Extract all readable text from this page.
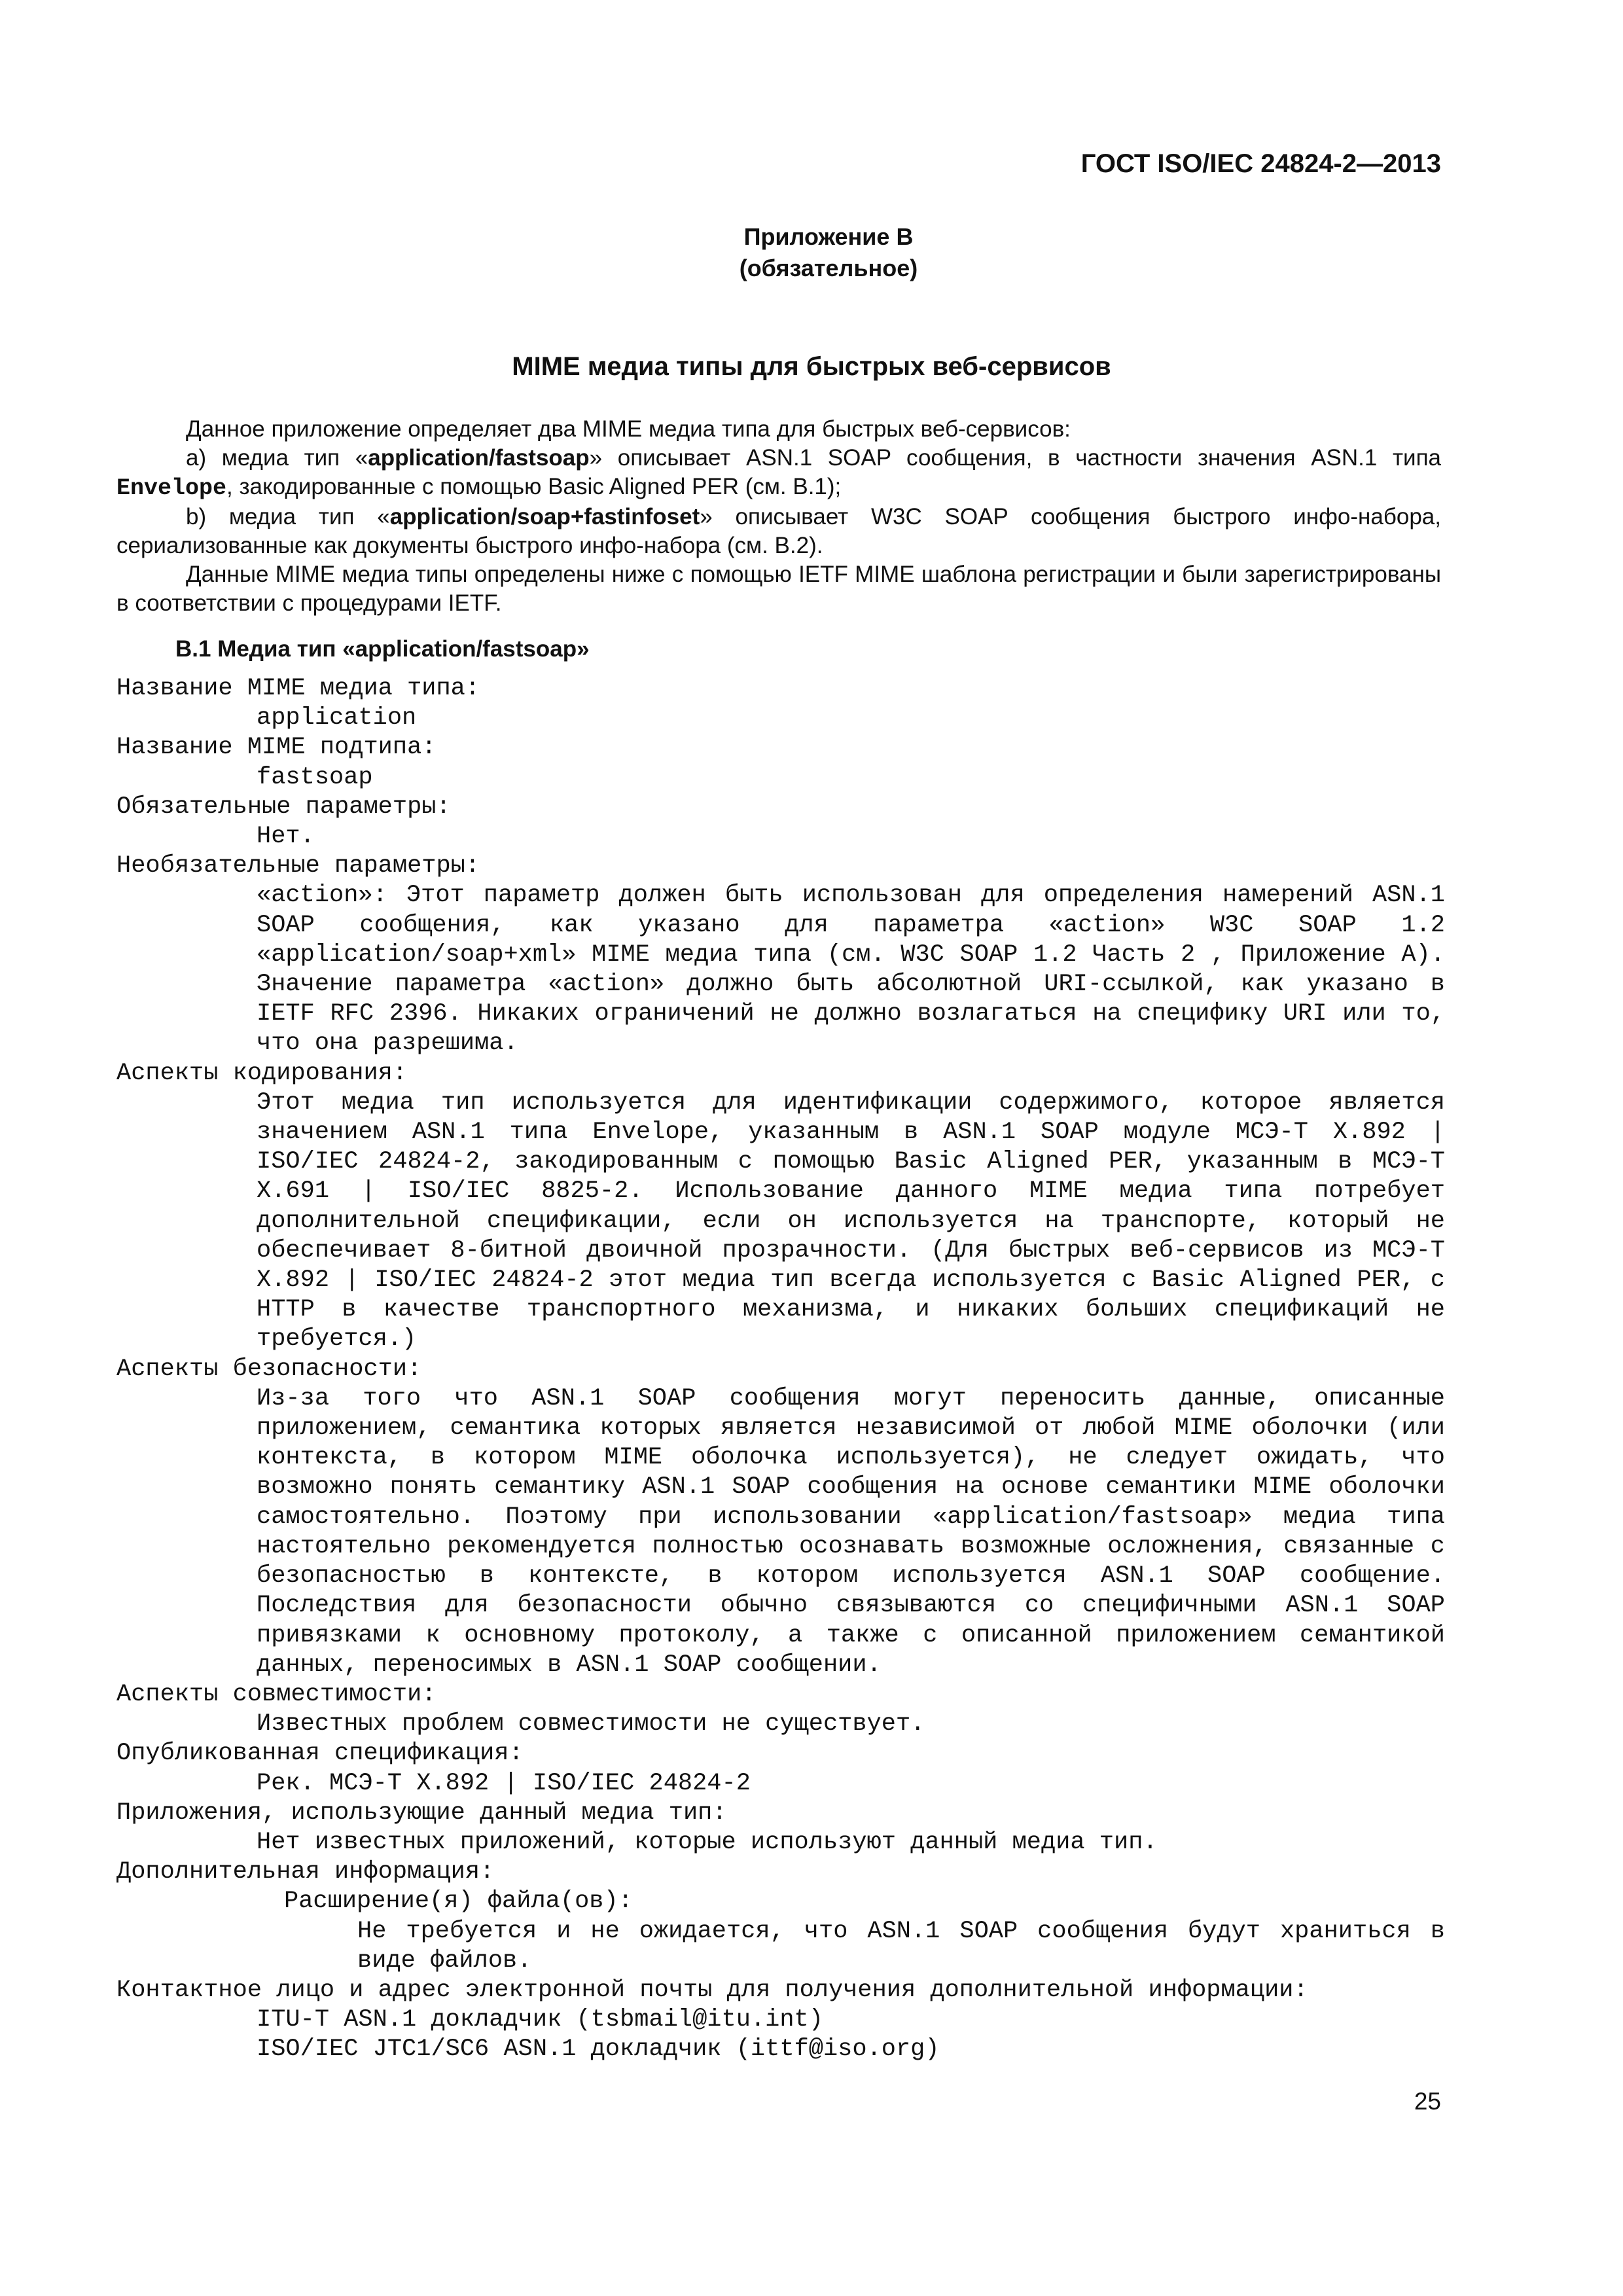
ГОСТ ISO/IEC 24824-2—2013
Приложение В
(обязательное)
MIME медиа типы для быстрых веб-сервисов

Данное приложение определяет два MIME медиа типа для быстрых веб-сервисов:

a) медиа тип «application/fastsoap» описывает ASN.1 SOAP сообщения, в частности значения ASN.1 типа Envelope, закодированные с помощью Basic Aligned PER (см. В.1);

b) медиа тип «application/soap+fastinfoset» описывает W3C SOAP сообщения быстрого инфо-набора, сериализованные как документы быстрого инфо-набора (см. В.2).

Данные MIME медиа типы определены ниже с помощью IETF MIME шаблона регистрации и были зарегистрированы в соответствии с процедурами IETF.

В.1 Медиа тип «application/fastsoap»
Название MIME медиа типа:
application
Название MIME подтипа:
fastsoap
Обязательные параметры:
Нет.
Необязательные параметры:
«action»: Этот параметр должен быть использован для определения намерений ASN.1 SOAP сообщения, как указано для параметра «action» W3C SOAP 1.2 «application/soap+xml» MIME медиа типа (см. W3C SOAP 1.2 Часть 2 , Приложение А). Значение параметра «action» должно быть абсолютной URI-ссылкой, как указано в IETF RFC 2396. Никаких ограничений не должно возлагаться на специфику URI или то, что она разрешима.
Аспекты кодирования:
Этот медиа тип используется для идентификации содержимого, которое является значением ASN.1 типа Envelope, указанным в ASN.1 SOAP модуле МСЭ-Т Х.892 | ISO/IEC 24824-2, закодированным с помощью Basic Aligned PER, указанным в МСЭ-Т Х.691 | ISO/IEC 8825-2. Использование данного MIME медиа типа потребует дополнительной спецификации, если он используется на транспорте, который не обеспечивает 8-битной двоичной прозрачности. (Для быстрых веб-сервисов из МСЭ-Т Х.892 | ISO/IEC 24824-2 этот медиа тип всегда используется с Basic Aligned PER, с HTTP в качестве транспортного механизма, и никаких больших спецификаций не требуется.)
Аспекты безопасности:
Из-за того что ASN.1 SOAP сообщения могут переносить данные, описанные приложением, семантика которых является независимой от любой MIME оболочки (или контекста, в котором MIME оболочка используется), не следует ожидать, что возможно понять семантику ASN.1 SOAP сообщения на основе семантики MIME оболочки самостоятельно. Поэтому при использовании «application/fastsoap» медиа типа настоятельно рекомендуется полностью осознавать возможные осложнения, связанные с безопасностью в контексте, в котором используется ASN.1 SOAP сообщение. Последствия для безопасности обычно связываются со специфичными ASN.1 SOAP привязками к основному протоколу, а также с описанной приложением семантикой данных, переносимых в ASN.1 SOAP сообщении.
Аспекты совместимости:
Известных проблем совместимости не существует.
Опубликованная спецификация:
Рек. МСЭ-Т Х.892 | ISO/IEC 24824-2
Приложения, использующие данный медиа тип:
Нет известных приложений, которые используют данный медиа тип.
Дополнительная информация:
Расширение(я) файла(ов):
Не требуется и не ожидается, что ASN.1 SOAP сообщения будут храниться в виде файлов.
Контактное лицо и адрес электронной почты для получения дополнительной информации:
ITU-T ASN.1 докладчик (tsbmail@itu.int)
ISO/IEC JTC1/SC6 ASN.1 докладчик (ittf@iso.org)
25
